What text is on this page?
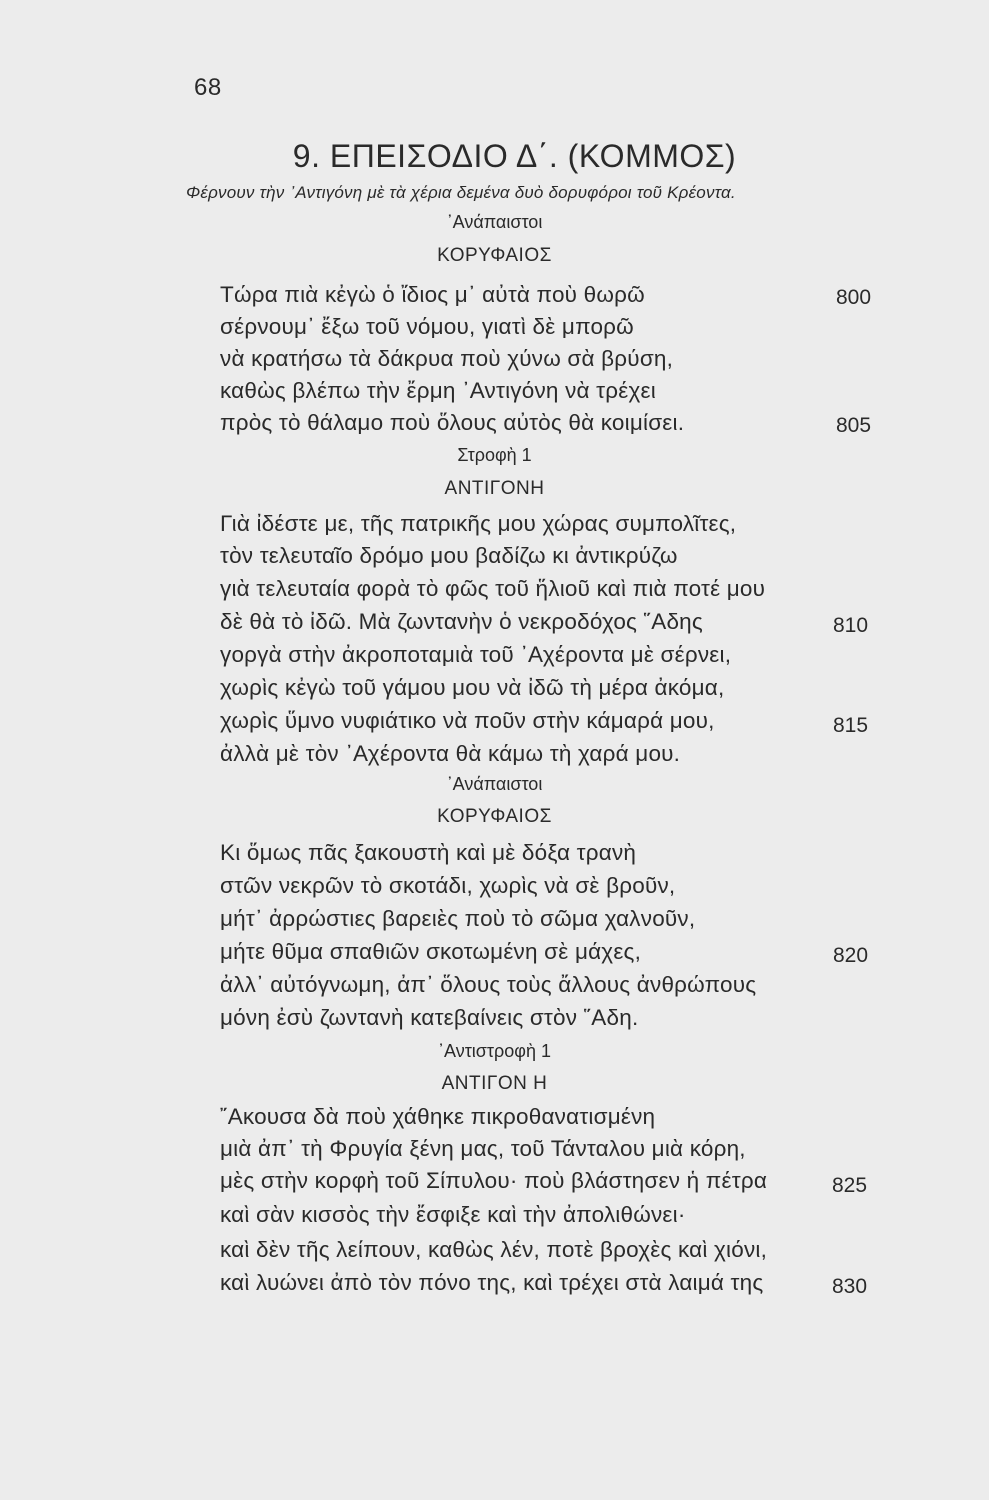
68
9. ΕΠΕΙΣΟΔΙΟ Δ΄. (ΚΟΜΜΟΣ)
Φέρνουν τὴν ᾿Αντιγόνη μὲ τὰ χέρια δεμένα δυὸ δορυφόροι τοῦ Κρέοντα.
᾿Ανάπαιστοι
ΚΟΡΥΦΑΙΟΣ
Τώρα πιὰ κἐγὼ ὁ ἴδιος μ᾿ αὐτὰ ποὺ θωρῶ
σέρνουμ᾿ ἔξω τοῦ νόμου, γιατὶ δὲ μπορῶ
νὰ κρατήσω τὰ δάκρυα ποὺ χύνω σὰ βρύση,
καθὼς βλέπω τὴν ἔρμη ᾿Αντιγόνη νὰ τρέχει
πρὸς τὸ θάλαμο ποὺ ὅλους αὐτὸς θὰ κοιμίσει.
800
805
Στροφὴ 1
ΑΝΤΙΓΟΝΗ
Γιὰ ἰδέστε με, τῆς πατρικῆς μου χώρας συμπολῖτες,
τὸν τελευταῖο δρόμο μου βαδίζω κι ἀντικρύζω
γιὰ τελευταία φορὰ τὸ φῶς τοῦ ἥλιοῦ καὶ πιὰ ποτέ μου
δὲ θὰ τὸ ἰδῶ. Μὰ ζωντανὴν ὁ νεκροδόχος ῞Αδης
γοργὰ στὴν ἀκροποταμιὰ τοῦ ᾿Αχέροντα μὲ σέρνει,
χωρὶς κἐγὼ τοῦ γάμου μου νὰ ἰδῶ τὴ μέρα ἀκόμα,
χωρὶς ὕμνο νυφιάτικο νὰ ποῦν στὴν κάμαρά μου,
ἀλλὰ μὲ τὸν ᾿Αχέροντα θὰ κάμω τὴ χαρά μου.
810
815
᾿Ανάπαιστοι
ΚΟΡΥΦΑΙΟΣ
Κι ὅμως πᾶς ξακουστὴ καὶ μὲ δόξα τρανὴ
στῶν νεκρῶν τὸ σκοτάδι, χωρὶς νὰ σὲ βροῦν,
μήτ᾿ ἀρρώστιες βαρειὲς ποὺ τὸ σῶμα χαλνοῦν,
μήτε θῦμα σπαθιῶν σκοτωμένη σὲ μάχες,
ἀλλ᾿ αὐτόγνωμη, ἀπ᾿ ὅλους τοὺς ἄλλους ἀνθρώπους
μόνη ἐσὺ ζωντανὴ κατεβαίνεις στὸν ῞Αδη.
820
᾿Αντιστροφὴ 1
ΑΝΤΙΓΟΝ Η
῎Ακουσα δὰ ποὺ χάθηκε πικροθανατισμένη
μιὰ ἀπ᾿ τὴ Φρυγία ξένη μας, τοῦ Τάνταλου μιὰ κόρη,
μὲς στὴν κορφὴ τοῦ Σίπυλου· ποὺ βλάστησεν ἡ πέτρα
καὶ σὰν κισσὸς τὴν ἔσφιξε καὶ τὴν ἀπολιθώνει·
καὶ δὲν τῆς λείπουν, καθὼς λέν, ποτὲ βροχὲς καὶ χιόνι,
καὶ λυώνει ἀπὸ τὸν πόνο της, καὶ τρέχει στὰ λαιμά της
825
830
